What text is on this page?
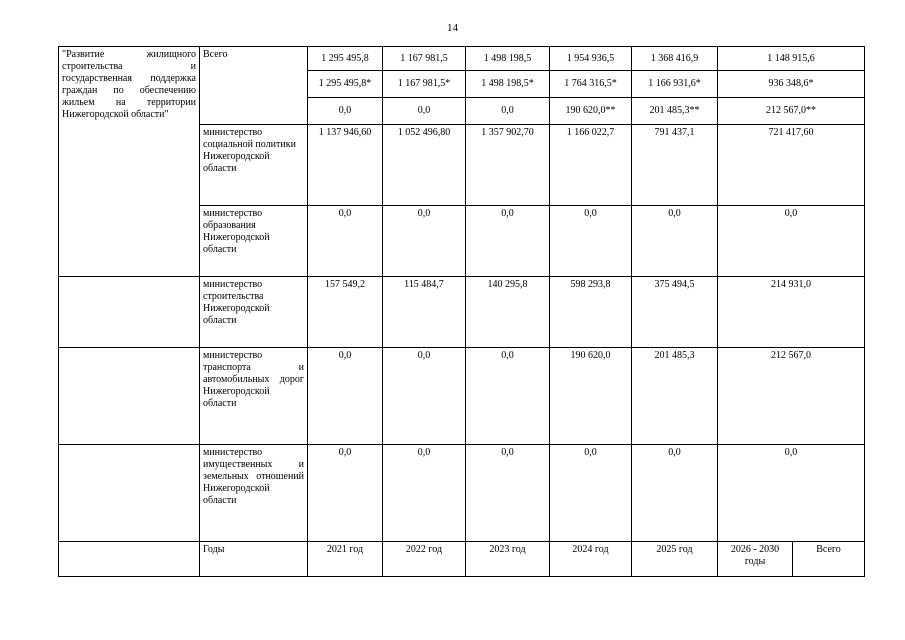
14
"Развитие жилищного строительства и государственная поддержка граждан по обеспечению жильем на территории Нижегородской области"	Всего	1 295 495,8	1 167 981,5	1 498 198,5	1 954 936,5	1 368 416,9	1 148 915,6	
		1 295 495,8*	1 167 981,5*	1 498 198,5*	1 764 316,5*	1 166 931,6*	936 348,6*	
		0,0	0,0	0,0	190 620,0**	201 485,3**	212 567,0**	
	министерство социальной политики Нижегородской области	1 137 946,60	1 052 496,80	1 357 902,70	1 166 022,7	791 437,1	721 417,60	
	министерство образования Нижегородской области	0,0	0,0	0,0	0,0	0,0	0,0	
	министерство строительства Нижегородской области	157 549,2	115 484,7	140 295,8	598 293,8	375 494,5	214 931,0	
	министерство транспорта и автомобильных дорог Нижегородской области	0,0	0,0	0,0	190 620,0	201 485,3	212 567,0	
	министерство имущественных и земельных отношений Нижегородской области	0,0	0,0	0,0	0,0	0,0	0,0	
	Годы	2021 год	2022 год	2023 год	2024 год	2025 год	2026 - 2030 годы	Всего
